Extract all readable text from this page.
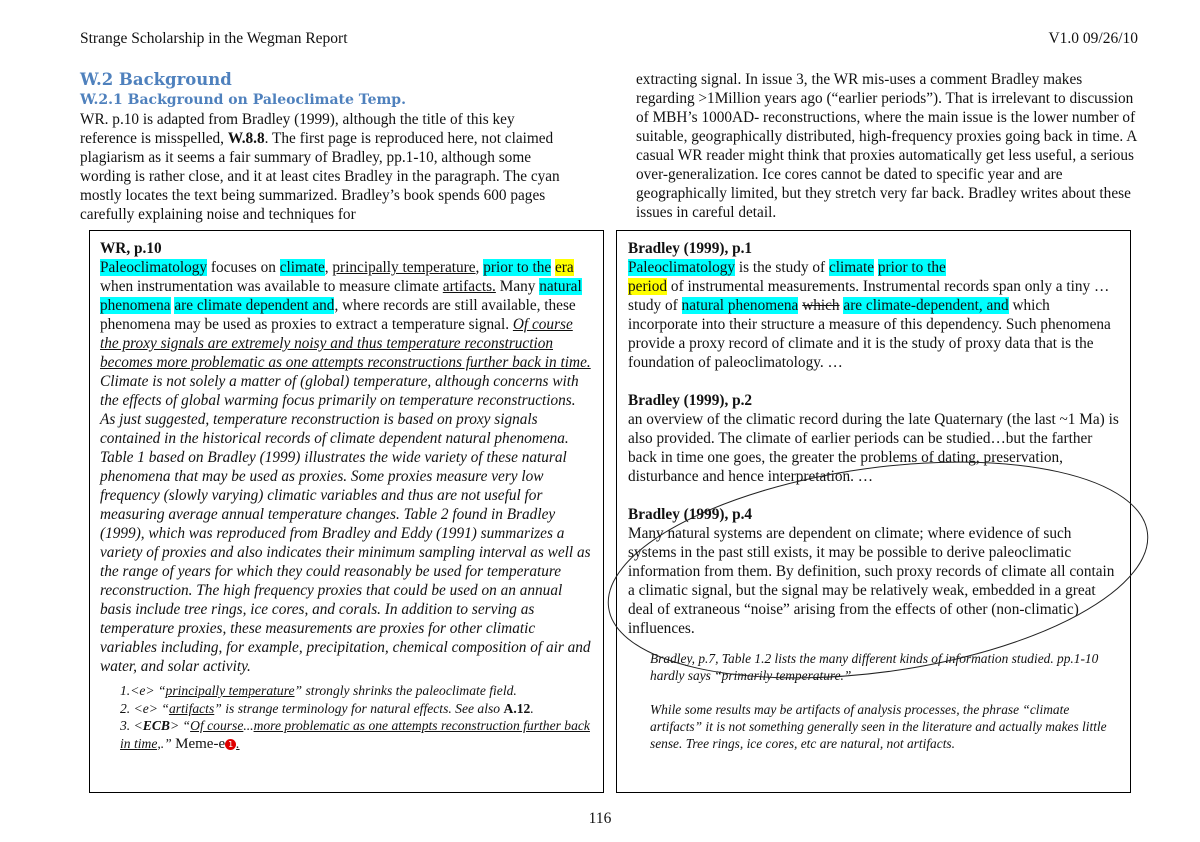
Strange Scholarship in the Wegman Report	V1.0 09/26/10
W.2 Background
W.2.1 Background on Paleoclimate Temp.

WR. p.10 is adapted from Bradley (1999), although the title of this key reference is misspelled, W.8.8. The first page is reproduced here, not claimed plagiarism as it seems a fair summary of Bradley, pp.1-10, although some wording is rather close, and it at least cites Bradley in the paragraph. The cyan mostly locates the text being summarized. Bradley’s book spends 600 pages carefully explaining noise and techniques for

extracting signal. In issue 3, the WR mis-uses a comment Bradley makes regarding >1Million years ago (“earlier periods”). That is irrelevant to discussion of MBH’s 1000AD- reconstructions, where the main issue is the lower number of suitable, geographically distributed, high-frequency proxies going back in time. A casual WR reader might think that proxies automatically get less useful, a serious over-generalization. Ice cores cannot be dated to specific year and are geographically limited, but they stretch very far back. Bradley writes about these issues in careful detail.

WR, p.10

Paleoclimatology focuses on climate, principally temperature, prior to the era when instrumentation was available to measure climate artifacts. Many natural phenomena are climate dependent and, where records are still available, these phenomena may be used as proxies to extract a temperature signal. Of course the proxy signals are extremely noisy and thus temperature reconstruction becomes more problematic as one attempts reconstructions further back in time. Climate is not solely a matter of (global) temperature, although concerns with the effects of global warming focus primarily on temperature reconstructions. As just suggested, temperature reconstruction is based on proxy signals contained in the historical records of climate dependent natural phenomena. Table 1 based on Bradley (1999) illustrates the wide variety of these natural phenomena that may be used as proxies. Some proxies measure very low frequency (slowly varying) climatic variables and thus are not useful for measuring average annual temperature changes. Table 2 found in Bradley (1999), which was reproduced from Bradley and Eddy (1991) summarizes a variety of proxies and also indicates their minimum sampling interval as well as the range of years for which they could reasonably be used for temperature reconstruction. The high frequency proxies that could be used on an annual basis include tree rings, ice cores, and corals. In addition to serving as temperature proxies, these measurements are proxies for other climatic variables including, for example, precipitation, chemical composition of air and water, and solar activity.

1.<e> “principally temperature” strongly shrinks the paleoclimate field.
2. <e> “artifacts” is strange terminology for natural effects. See also A.12.
3. <ECB> “Of course...more problematic as one attempts reconstruction further back in time,.” Meme-e 1 .
Bradley (1999), p.1

Paleoclimatology is the study of climate prior to the
period of instrumental measurements. Instrumental records span only a tiny … study of natural phenomena which are climate-dependent, and which incorporate into their structure a measure of this dependency. Such phenomena provide a proxy record of climate and it is the study of proxy data that is the foundation of paleoclimatology. …

Bradley (1999), p.2

an overview of the climatic record during the late Quaternary (the last ~1 Ma) is also provided. The climate of earlier periods can be studied…but the farther back in time one goes, the greater the problems of dating, preservation, disturbance and hence interpretation. …

Bradley (1999), p.4

Many natural systems are dependent on climate; where evidence of such systems in the past still exists, it may be possible to derive paleoclimatic information from them. By definition, such proxy records of climate all contain a climatic signal, but the signal may be relatively weak, embedded in a great deal of extraneous “noise” arising from the effects of other (non-climatic) influences.

Bradley, p.7, Table 1.2 lists the many different kinds of information studied. pp.1-10 hardly says “primarily temperature.”
While some results may be artifacts of analysis processes, the phrase “climate artifacts” it is not something generally seen in the literature and actually makes little sense. Tree rings, ice cores, etc are natural, not artifacts.
116
